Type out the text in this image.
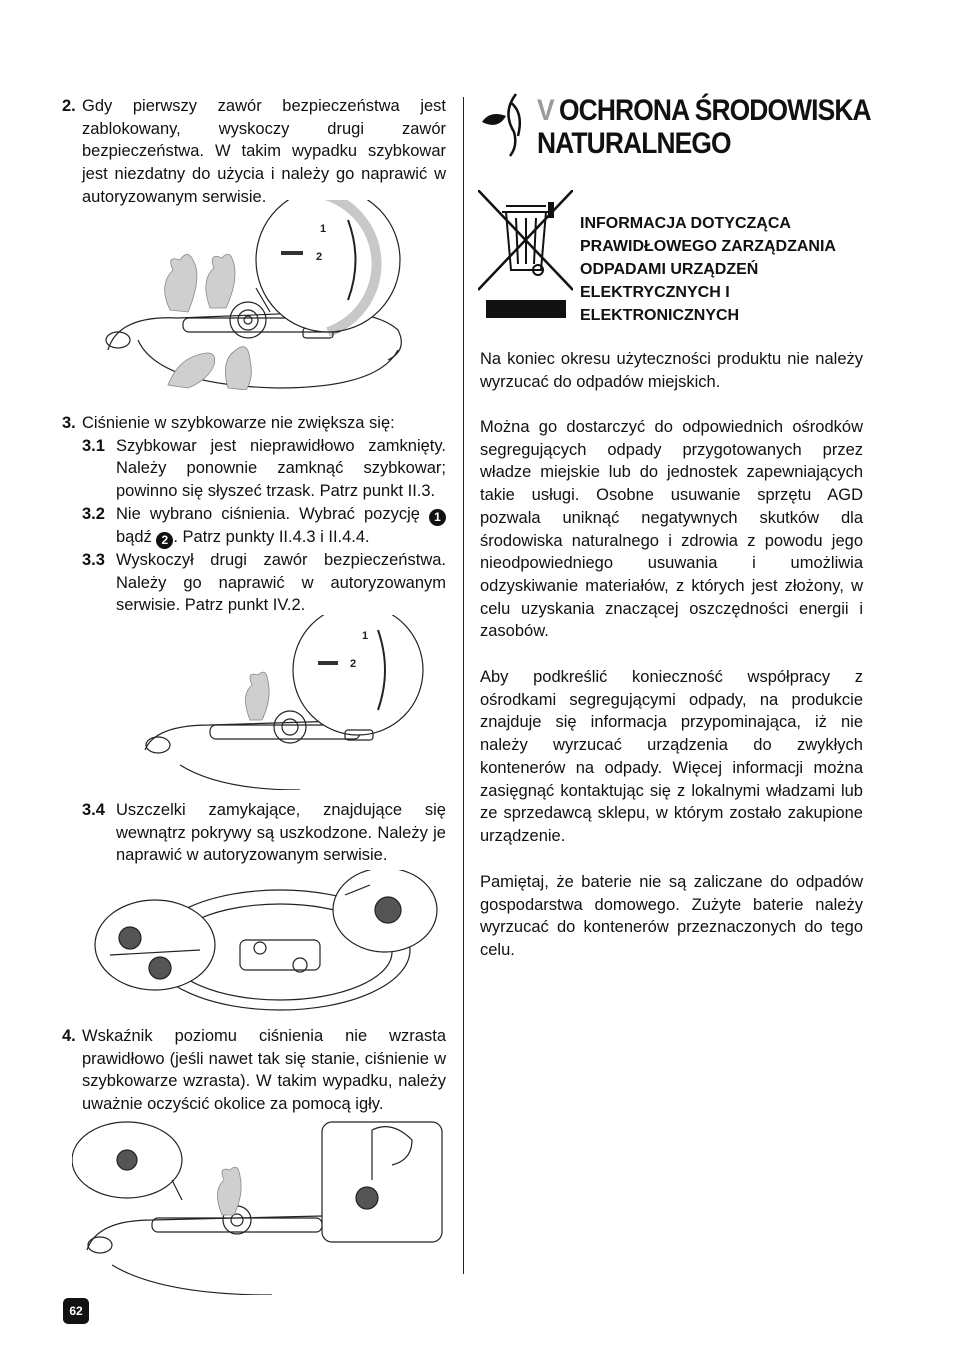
2. Gdy pierwszy zawór bezpieczeństwa jest zablokowany, wyskoczy drugi zawór bezpieczeństwa. W takim wypadku szybkowar jest niezdatny do użycia i należy go naprawić w autoryzowanym serwisie.
2
1
3. Ciśnienie w szybkowarze nie zwiększa się:
3.1 Szybkowar jest nieprawidłowo zamknięty. Należy ponownie zamknąć szybkowar; powinno się słyszeć trzask. Patrz punkt II.3.
3.2 Nie wybrano ciśnienia. Wybrać pozycję 1 bądź 2 . Patrz punkty II.4.3 i II.4.4.
3.3 Wyskoczył drugi zawór bezpieczeństwa. Należy go naprawić w autoryzowanym serwisie. Patrz punkt IV.2.
2
1
3.4 Uszczelki zamykające, znajdujące się wewnątrz pokrywy są uszkodzone. Należy je naprawić w autoryzowanym serwisie.
4. Wskaźnik poziomu ciśnienia nie wzrasta prawidłowo (jeśli nawet tak się stanie, ciśnienie w szybkowarze wzrasta). W takim wypadku, należy uważnie oczyścić okolice za pomocą igły.
V OCHRONA ŚRODOWISKA
NATURALNEGO
INFORMACJA DOTYCZĄCA PRAWIDŁOWEGO ZARZĄDZANIA ODPADAMI URZĄDZEŃ ELEKTRYCZNYCH I ELEKTRONICZNYCH

Na koniec okresu użyteczności produktu nie należy wyrzucać do odpadów miejskich.

Można go dostarczyć do odpowiednich ośrodków segregujących odpady przygotowanych przez władze miejskie lub do jednostek zapewniających takie usługi. Osobne usuwanie sprzętu AGD pozwala uniknąć negatywnych skutków dla środowiska naturalnego i zdrowia z powodu jego nieodpowiedniego usuwania i umożliwia odzyskiwanie materiałów, z których jest złożony, w celu uzyskania znaczącej oszczędności energii i zasobów.

Aby podkreślić konieczność współpracy z ośrodkami segregującymi odpady, na produkcie znajduje się informacja przypominająca, iż nie należy wyrzucać urządzenia do zwykłych kontenerów na odpady. Więcej informacji można zasięgnąć kontaktując się z lokalnymi władzami lub ze sprzedawcą sklepu, w którym zostało zakupione urządzenie.

Pamiętaj, że baterie nie są zaliczane do odpadów gospodarstwa domowego. Zużyte baterie należy wyrzucać do kontenerów przeznaczonych do tego celu.

62
